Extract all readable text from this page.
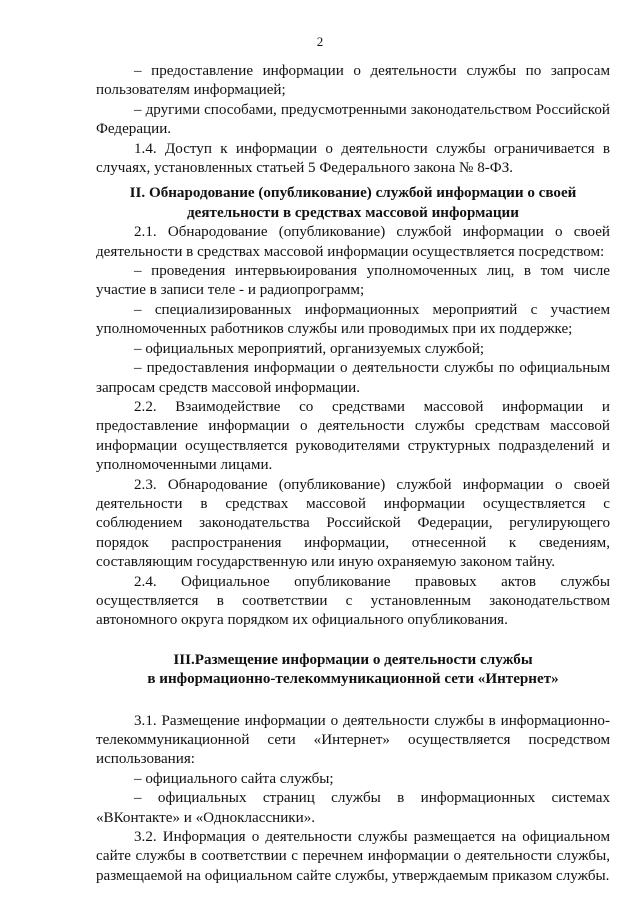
2

– предоставление информации о деятельности службы по запросам пользователям информацией;

– другими способами, предусмотренными законодательством Российской Федерации.

1.4. Доступ к информации о деятельности службы ограничивается в случаях, установленных статьей 5 Федерального закона № 8-ФЗ.

II. Обнародование (опубликование) службой информации о своей деятельности в средствах массовой информации

2.1. Обнародование (опубликование) службой информации о своей деятельности в средствах массовой информации осуществляется посредством:

– проведения интервьюирования уполномоченных лиц, в том числе участие в записи теле - и радиопрограмм;

– специализированных информационных мероприятий с участием уполномоченных работников службы или проводимых при их поддержке;

– официальных мероприятий, организуемых службой;

– предоставления информации о деятельности службы по официальным запросам средств массовой информации.

2.2. Взаимодействие со средствами массовой информации и предоставление информации о деятельности службы средствам массовой информации осуществляется руководителями структурных подразделений и уполномоченными лицами.

2.3. Обнародование (опубликование) службой информации о своей деятельности в средствах массовой информации осуществляется с соблюдением законодательства Российской Федерации, регулирующего порядок распространения информации, отнесенной к сведениям, составляющим государственную или иную охраняемую законом тайну.

2.4. Официальное опубликование правовых актов службы осуществляется в соответствии с установленным законодательством автономного округа порядком их официального опубликования.

III.Размещение информации о деятельности службы

в информационно-телекоммуникационной сети «Интернет»

3.1. Размещение информации о деятельности службы в информационно-телекоммуникационной сети «Интернет» осуществляется посредством использования:

– официального сайта службы;

– официальных страниц службы в информационных системах «ВКонтакте» и «Одноклассники».

3.2. Информация о деятельности службы размещается на официальном сайте службы в соответствии с перечнем информации о деятельности службы, размещаемой на официальном сайте службы, утверждаемым приказом службы.
